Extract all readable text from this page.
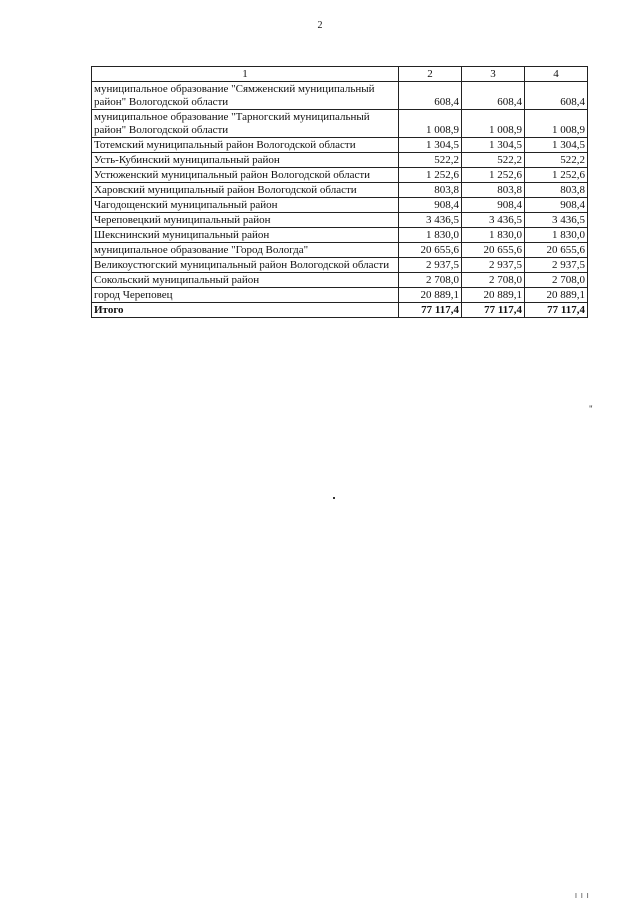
2
1	2	3	4
муниципальное образование "Сямженский муниципальный район" Вологодской области	608,4	608,4	608,4
муниципальное образование "Тарногский муниципальный район" Вологодской области	1 008,9	1 008,9	1 008,9
Тотемский муниципальный район Вологодской области	1 304,5	1 304,5	1 304,5
Усть-Кубинский муниципальный район	522,2	522,2	522,2
Устюженский муниципальный район Вологодской области	1 252,6	1 252,6	1 252,6
Харовский муниципальный район Вологодской области	803,8	803,8	803,8
Чагодощенский муниципальный район	908,4	908,4	908,4
Череповецкий муниципальный район	3 436,5	3 436,5	3 436,5
Шекснинский муниципальный район	1 830,0	1 830,0	1 830,0
муниципальное образование "Город Вологда"	20 655,6	20 655,6	20 655,6
Великоустюгский муниципальный район Вологодской области	2 937,5	2 937,5	2 937,5
Сокольский муниципальный район	2 708,0	2 708,0	2 708,0
город Череповец	20 889,1	20 889,1	20 889,1
Итого	77 117,4	77 117,4	77 117,4
"
I I I
